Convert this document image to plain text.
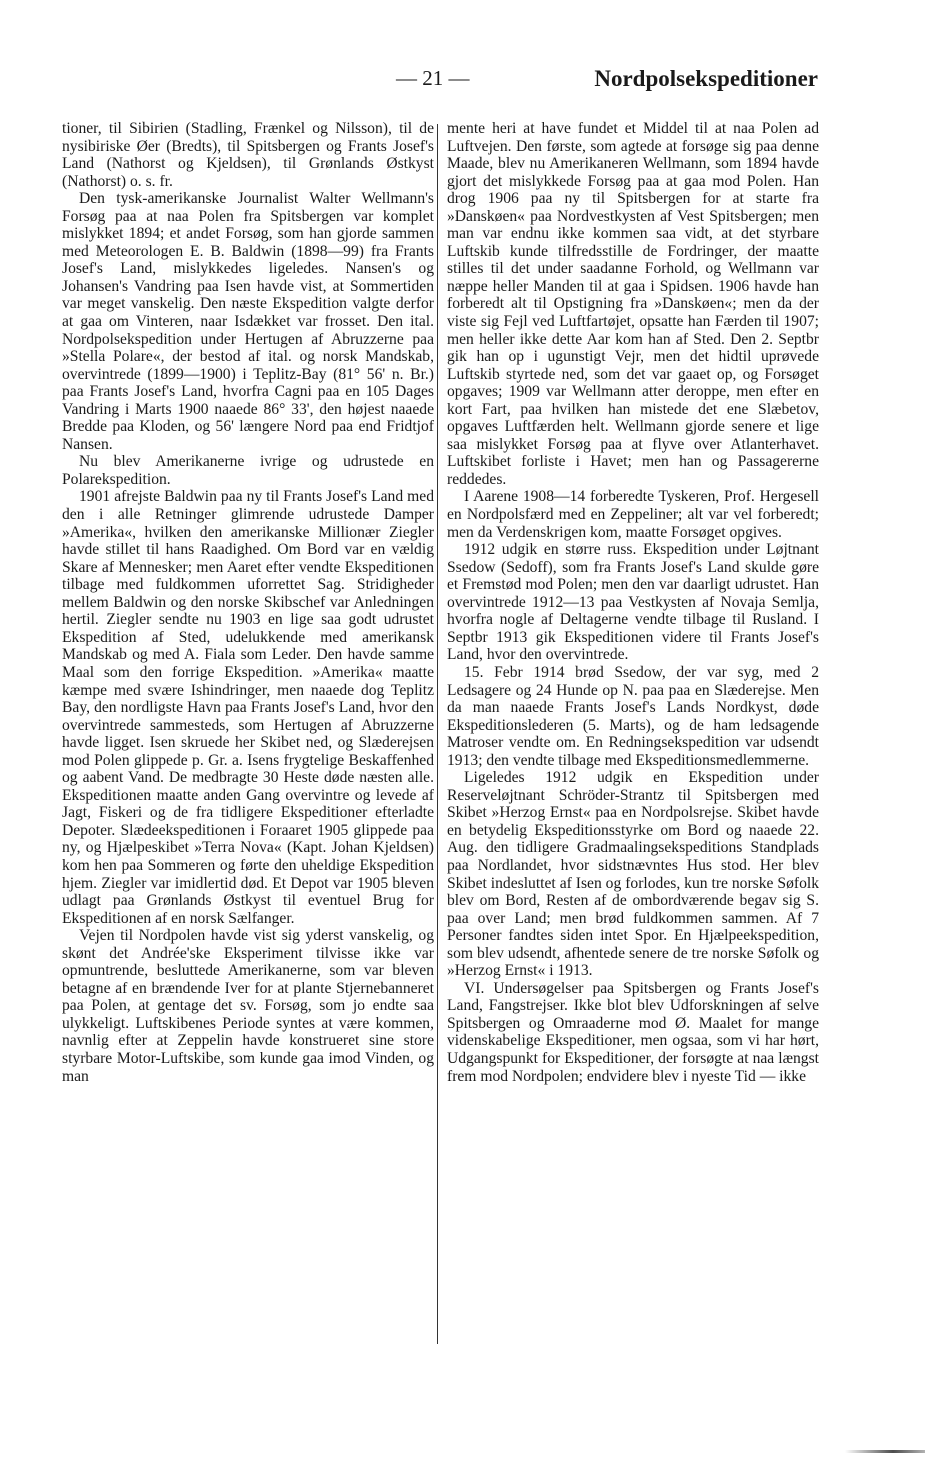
— 21 —	Nordpolsekspeditioner

tioner, til Sibirien (Stadling, Frænkel og Nilsson), til de nysibiriske Øer (Bredts), til Spitsbergen og Frants Josef's Land (Nathorst og Kjeldsen), til Grønlands Østkyst (Nathorst) o. s. fr.

Den tysk-amerikanske Journalist Walter Wellmann's Forsøg paa at naa Polen fra Spitsbergen var komplet mislykket 1894; et andet Forsøg, som han gjorde sammen med Meteorologen E. B. Baldwin (1898—99) fra Frants Josef's Land, mislykkedes ligeledes. Nansen's og Johansen's Vandring paa Isen havde vist, at Sommertiden var meget vanskelig. Den næste Ekspedition valgte derfor at gaa om Vinteren, naar Isdækket var frosset. Den ital. Nordpolsekspedition under Hertugen af Abruzzerne paa »Stella Polare«, der bestod af ital. og norsk Mandskab, overvintrede (1899—1900) i Teplitz-Bay (81° 56' n. Br.) paa Frants Josef's Land, hvorfra Cagni paa en 105 Dages Vandring i Marts 1900 naaede 86° 33', den højest naaede Bredde paa Kloden, og 56' længere Nord paa end Fridtjof Nansen.

Nu blev Amerikanerne ivrige og udrustede en Polarekspedition.

1901 afrejste Baldwin paa ny til Frants Josef's Land med den i alle Retninger glimrende udrustede Damper »Amerika«, hvilken den amerikanske Millionær Ziegler havde stillet til hans Raadighed. Om Bord var en vældig Skare af Mennesker; men Aaret efter vendte Ekspeditionen tilbage med fuldkommen uforrettet Sag. Stridigheder mellem Baldwin og den norske Skibschef var Anledningen hertil. Ziegler sendte nu 1903 en lige saa godt udrustet Ekspedition af Sted, udelukkende med amerikansk Mandskab og med A. Fiala som Leder. Den havde samme Maal som den forrige Ekspedition. »Amerika« maatte kæmpe med svære Ishindringer, men naaede dog Teplitz Bay, den nordligste Havn paa Frants Josef's Land, hvor den overvintrede sammesteds, som Hertugen af Abruzzerne havde ligget. Isen skruede her Skibet ned, og Slæderejsen mod Polen glippede p. Gr. a. Isens frygtelige Beskaffenhed og aabent Vand. De medbragte 30 Heste døde næsten alle. Ekspeditionen maatte anden Gang overvintre og levede af Jagt, Fiskeri og de fra tidligere Ekspeditioner efterladte Depoter. Slædeekspeditionen i Foraaret 1905 glippede paa ny, og Hjælpeskibet »Terra Nova« (Kapt. Johan Kjeldsen) kom hen paa Sommeren og førte den uheldige Ekspedition hjem. Ziegler var imidlertid død. Et Depot var 1905 bleven udlagt paa Grønlands Østkyst til eventuel Brug for Ekspeditionen af en norsk Sælfanger.

Vejen til Nordpolen havde vist sig yderst vanskelig, og skønt det Andrée'ske Eksperiment tilvisse ikke var opmuntrende, besluttede Amerikanerne, som var bleven betagne af en brændende Iver for at plante Stjernebanneret paa Polen, at gentage det sv. Forsøg, som jo endte saa ulykkeligt. Luftskibenes Periode syntes at være kommen, navnlig efter at Zeppelin havde konstrueret sine store styrbare Motor-Luftskibe, som kunde gaa imod Vinden, og man

mente heri at have fundet et Middel til at naa Polen ad Luftvejen. Den første, som agtede at forsøge sig paa denne Maade, blev nu Amerikaneren Wellmann, som 1894 havde gjort det mislykkede Forsøg paa at gaa mod Polen. Han drog 1906 paa ny til Spitsbergen for at starte fra »Danskøen« paa Nordvestkysten af Vest Spitsbergen; men man var endnu ikke kommen saa vidt, at det styrbare Luftskib kunde tilfredsstille de Fordringer, der maatte stilles til det under saadanne Forhold, og Wellmann var næppe heller Manden til at gaa i Spidsen. 1906 havde han forberedt alt til Opstigning fra »Danskøen«; men da der viste sig Fejl ved Luftfartøjet, opsatte han Færden til 1907; men heller ikke dette Aar kom han af Sted. Den 2. Septbr gik han op i ugunstigt Vejr, men det hidtil uprøvede Luftskib styrtede ned, som det var gaaet op, og Forsøget opgaves; 1909 var Wellmann atter deroppe, men efter en kort Fart, paa hvilken han mistede det ene Slæbetov, opgaves Luftfærden helt. Wellmann gjorde senere et lige saa mislykket Forsøg paa at flyve over Atlanterhavet. Luftskibet forliste i Havet; men han og Passagererne reddedes.

I Aarene 1908—14 forberedte Tyskeren, Prof. Hergesell en Nordpolsfærd med en Zeppeliner; alt var vel forberedt; men da Verdenskrigen kom, maatte Forsøget opgives.

1912 udgik en større russ. Ekspedition under Løjtnant Ssedow (Sedoff), som fra Frants Josef's Land skulde gøre et Fremstød mod Polen; men den var daarligt udrustet. Han overvintrede 1912—13 paa Vestkysten af Novaja Semlja, hvorfra nogle af Deltagerne vendte tilbage til Rusland. I Septbr 1913 gik Ekspeditionen videre til Frants Josef's Land, hvor den overvintrede.

15. Febr 1914 brød Ssedow, der var syg, med 2 Ledsagere og 24 Hunde op N. paa paa en Slæderejse. Men da man naaede Frants Josef's Lands Nordkyst, døde Ekspeditionslederen (5. Marts), og de ham ledsagende Matroser vendte om. En Redningsekspedition var udsendt 1913; den vendte tilbage med Ekspeditionsmedlemmerne.

Ligeledes 1912 udgik en Ekspedition under Reserveløjtnant Schröder-Strantz til Spitsbergen med Skibet »Herzog Ernst« paa en Nordpolsrejse. Skibet havde en betydelig Ekspeditionsstyrke om Bord og naaede 22. Aug. den tidligere Gradmaalingsekspeditions Standplads paa Nordlandet, hvor sidstnævntes Hus stod. Her blev Skibet indesluttet af Isen og forlodes, kun tre norske Søfolk blev om Bord, Resten af de ombordværende begav sig S. paa over Land; men brød fuldkommen sammen. Af 7 Personer fandtes siden intet Spor. En Hjælpeekspedition, som blev udsendt, afhentede senere de tre norske Søfolk og »Herzog Ernst« i 1913.

VI. Undersøgelser paa Spitsbergen og Frants Josef's Land, Fangstrejser. Ikke blot blev Udforskningen af selve Spitsbergen og Omraaderne mod Ø. Maalet for mange videnskabelige Ekspeditioner, men ogsaa, som vi har hørt, Udgangspunkt for Ekspeditioner, der forsøgte at naa længst frem mod Nordpolen; endvidere blev i nyeste Tid — ikke
